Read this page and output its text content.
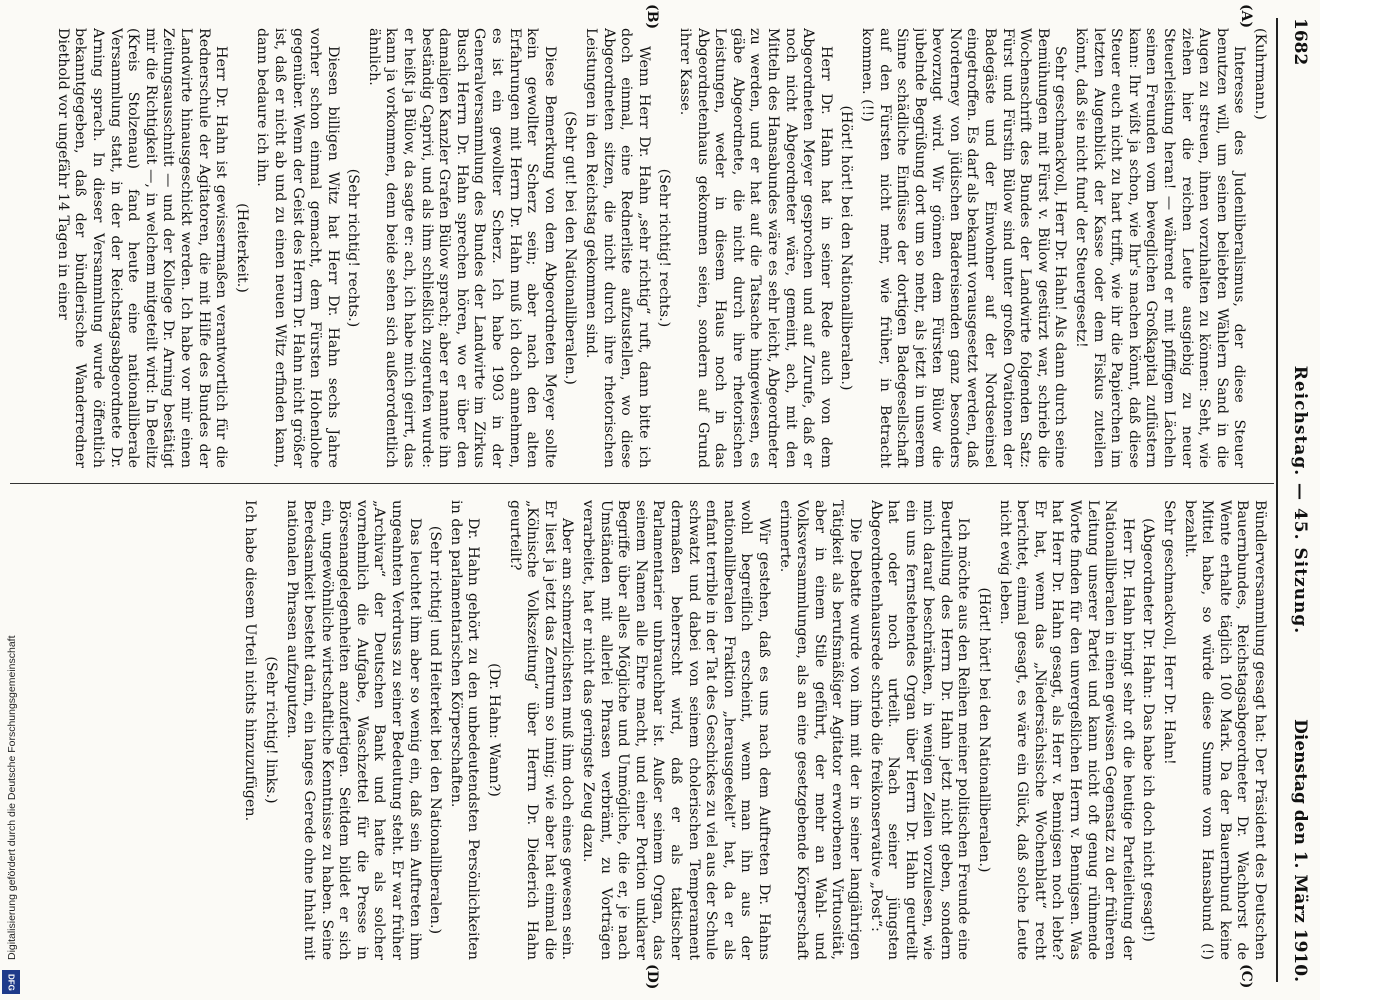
1682
Reichstag. — 45. Sitzung.
Dienstag den 1. März 1910.
(A)
(B)
(C)
(D)

(Kuhrmann.)

Interesse des Judenliberalismus, der diese Steuer benutzen will, um seinen beliebten Wählern Sand in die Augen zu streuen, ihnen vorzuhalten zu können: Seht, wie ziehen hier die reichen Leute ausgiebig zu neuer Steuerleistung heran! — während er mit pfiffigem Lächeln seinen Freunden vom beweglichen Großkapital zuflüstern kann: Ihr wißt ja schon, wie Ihr's machen könnt, daß diese Steuer euch nicht zu hart trifft, wie ihr die Papierchen im letzten Augenblick der Kasse oder dem Fiskus zuteilen könnt, daß sie nicht fund' der Steuergesetz!

Sehr geschmackvoll, Herr Dr. Hahn! Als dann durch seine Bemühungen mit Fürst v. Bülow gestürzt war, schrieb die Wochenschrift des Bundes der Landwirte folgenden Satz: Fürst und Fürstin Bülow sind unter großen Ovationen der Badegäste und der Einwohner auf der Nordseeinsel eingetroffen. Es darf als bekannt vorausgesetzt werden, daß Norderney von jüdischen Badereisenden ganz besonders bevorzugt wird. Wir gönnen dem Fürsten Bülow die jubelnde Begrüßung dort um so mehr, als jetzt in unserem Sinne schädliche Einflüsse der dortigen Badegesellschaft auf den Fürsten nicht mehr, wie früher, in Betracht kommen. (!!)

(Hört! hört! bei den Nationalliberalen.)

Herr Dr. Hahn hat in seiner Rede auch von dem Abgeordneten Meyer gesprochen und auf Zurufe, daß er noch nicht Abgeordneter wäre, gemeint, ach, mit den Mitteln des Hansabundes wäre es sehr leicht, Abgeordneter zu werden, und er hat auf die Tatsache hingewiesen, es gäbe Abgeordnete, die nicht durch ihre rhetorischen Leistungen, weder in diesem Haus noch in das Abgeordnetenhaus gekommen seien, sondern auf Grund ihrer Kasse.

(Sehr richtig! rechts.)

Wenn Herr Dr. Hahn „sehr richtig“ ruft, dann bitte ich doch einmal, eine Rednerliste aufzustellen, wo diese Abgeordneten sitzen, die nicht durch ihre rhetorischen Leistungen in den Reichstag gekommen sind.

(Sehr gut! bei den Nationalliberalen.)

Diese Bemerkung von dem Abgeordneten Meyer sollte kein gewollter Scherz sein; aber nach den alten Erfahrungen mit Herrn Dr. Hahn muß ich doch annehmen, es ist ein gewollter Scherz. Ich habe 1903 in der Generalversammlung des Bundes der Landwirte im Zirkus Busch Herrn Dr. Hahn sprechen hören, wo er über den damaligen Kanzler Grafen Bülow sprach; aber er nannte ihn beständig Caprivi, und als ihm schließlich zugerufen wurde: er heißt ja Bülow, da sagte er: ach, ich habe mich geirrt, das kann ja vorkommen, denn beide sehen sich außerordentlich ähnlich.

(Sehr richtig! rechts.)

Diesen billigen Witz hat Herr Dr. Hahn sechs Jahre vorher schon einmal gemacht, dem Fürsten Hohenlohe gegenüber. Wenn der Geist des Herrn Dr. Hahn nicht größer ist, daß er nicht ab und zu einen neuen Witz erfinden kann, dann bedaure ich ihn.

(Heiterkeit.)

Herr Dr. Hahn ist gewissermaßen verantwortlich für die Rednerschule der Agitatoren, die mit Hilfe des Bundes der Landwirte hinausgeschickt werden. Ich habe vor mir einen Zeitungsausschnitt — und der Kollege Dr. Arning bestätigt mir die Richtigkeit —, in welchem mitgeteilt wird: In Beelitz (Kreis Stolzenau) fand heute eine nationalliberale Versammlung statt, in der der Reichstagsabgeordnete Dr. Arning sprach. In dieser Versammlung wurde öffentlich bekanntgegeben, daß der bündlerische Wanderredner Diethold vor ungefähr 14 Tagen in einer

Bündlerversammlung gesagt hat: Der Präsident des Deutschen Bauernbundes, Reichstagsabgeordneter Dr. Wachhorst de Wente erhalte täglich 100 Mark. Da der Bauernbund keine Mittel habe, so würde diese Summe vom Hansabund (!) bezahlt.

Sehr geschmackvoll, Herr Dr. Hahn!

(Abgeordneter Dr. Hahn: Das habe ich doch nicht gesagt!)

Herr Dr. Hahn bringt sehr oft die heutige Parteileitung der Nationalliberalen in einen gewissen Gegensatz zu der früheren Leitung unserer Partei und kann nicht oft genug rühmende Worte finden für den unvergeßlichen Herrn v. Bennigsen. Was hat Herr Dr. Hahn gesagt, als Herr v. Bennigsen noch lebte? Er hat, wenn das „Niedersächsische Wochenblatt“ recht berichtet, einmal gesagt, es wäre ein Glück, daß solche Leute nicht ewig leben.

(Hört! hört! bei den Nationalliberalen.)

Ich möchte aus den Reihen meiner politischen Freunde eine Beurteilung des Herrn Dr. Hahn jetzt nicht geben, sondern mich darauf beschränken, in wenigen Zeilen vorzulesen, wie ein uns fernstehendes Organ über Herrn Dr. Hahn geurteilt hat oder noch urteilt. Nach seiner jüngsten Abgeordnetenhausrede schrieb die freikonservative „Post“:

Die Debatte wurde von ihm mit der in seiner langjährigen Tätigkeit als berufsmäßiger Agitator erworbenen Virtuosität, aber in einem Stile geführt, der mehr an Wahl- und Volksversammlungen, als an eine gesetzgebende Körperschaft erinnerte.

Wir gestehen, daß es uns nach dem Auftreten Dr. Hahns wohl begreiflich erscheint, wenn man ihn aus der nationalliberalen Fraktion „herausgeekelt“ hat, da er als enfant terrible in der Tat des Geschickes zu viel aus der Schule schwatzt und dabei von seinem cholerischen Temperament dermaßen beherrscht wird, daß er als taktischer Parlamentarier unbrauchbar ist. Außer seinem Organ, das seinem Namen alle Ehre macht, und einer Portion unklarer Begriffe über alles Mögliche und Unmögliche, die er, je nach Umständen mit allerlei Phrasen verbrämt, zu Vorträgen verarbeitet, hat er nicht das geringste Zeug dazu.

Aber am schmerzlichsten muß ihm doch eines gewesen sein. Er liest ja jetzt das Zentrum so innig; wie aber hat einmal die „Kölnische Volkszeitung“ über Herrn Dr. Diederich Hahn geurteilt?

(Dr. Hahn: Wann?)

Dr. Hahn gehört zu den unbedeutendsten Persönlichkeiten in den parlamentarischen Körperschaften.

(Sehr richtig! und Heiterkeit bei den Nationalliberalen.)

Das leuchtet ihm aber so wenig ein, daß sein Auftreten ihm ungeahnten Verdruss zu seiner Bedeutung steht. Er war früher „Archivar“ der Deutschen Bank und hatte als solcher vornehmlich die Aufgabe, Waschzettel für die Presse in Börsenangelegenheiten anzufertigen. Seitdem bildet er sich ein, ungewöhnliche wirtschaftliche Kenntnisse zu haben. Seine Beredsamkeit besteht darin, ein langes Gerede ohne Inhalt mit nationalen Phrasen aufzuputzen.

(Sehr richtig! links.)

Ich habe diesem Urteil nichts hinzuzufügen.

Digitalisierung gefördert durch die Deutsche Forschungsgemeinschaft
DFG
